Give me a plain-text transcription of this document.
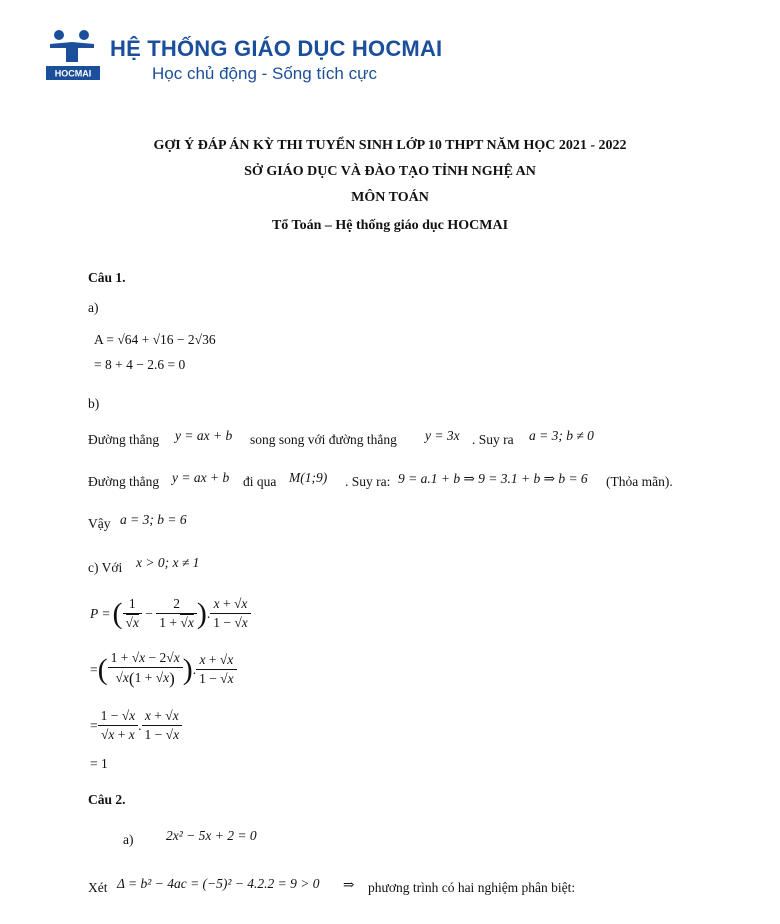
HOCMAI
HỆ THỐNG GIÁO DỤC HOCMAI
Học chủ động - Sống tích cực
GỢI Ý ĐÁP ÁN KỲ THI TUYỂN SINH LỚP 10 THPT NĂM HỌC 2021 - 2022
SỞ GIÁO DỤC VÀ ĐÀO TẠO TỈNH NGHỆ AN
MÔN TOÁN
Tổ Toán – Hệ thống giáo dục HOCMAI
Câu 1.
a)
A = √64 + √16 − 2√36
= 8 + 4 − 2.6 = 0
b)
Đường thẳng y = ax + b song song với đường thẳng y = 3x . Suy ra a = 3; b ≠ 0
Đường thẳng y = ax + b đi qua M(1;9) . Suy ra: 9 = a.1 + b ⇒ 9 = 3.1 + b ⇒ b = 6 (Thỏa mãn).
Vậy a = 3; b = 6
c) Với x > 0; x ≠ 1
P = ( $\frac{1}{√x} - \frac{2}{1 + √x}$ ) . $\frac{x + √x}{1 - √x}$
= ( $\frac{1 + √x - 2√x}{√x(1 + √x)}$ ) . $\frac{x + √x}{1 - √x}$
= $\frac{1 - √x}{√x + x}$ . $\frac{x + √x}{1 - √x}$
= 1
Câu 2.
a) 2x² − 5x + 2 = 0
Xét Δ = b² − 4ac = (−5)² − 4.2.2 = 9 > 0 ⇒ phương trình có hai nghiệm phân biệt:
